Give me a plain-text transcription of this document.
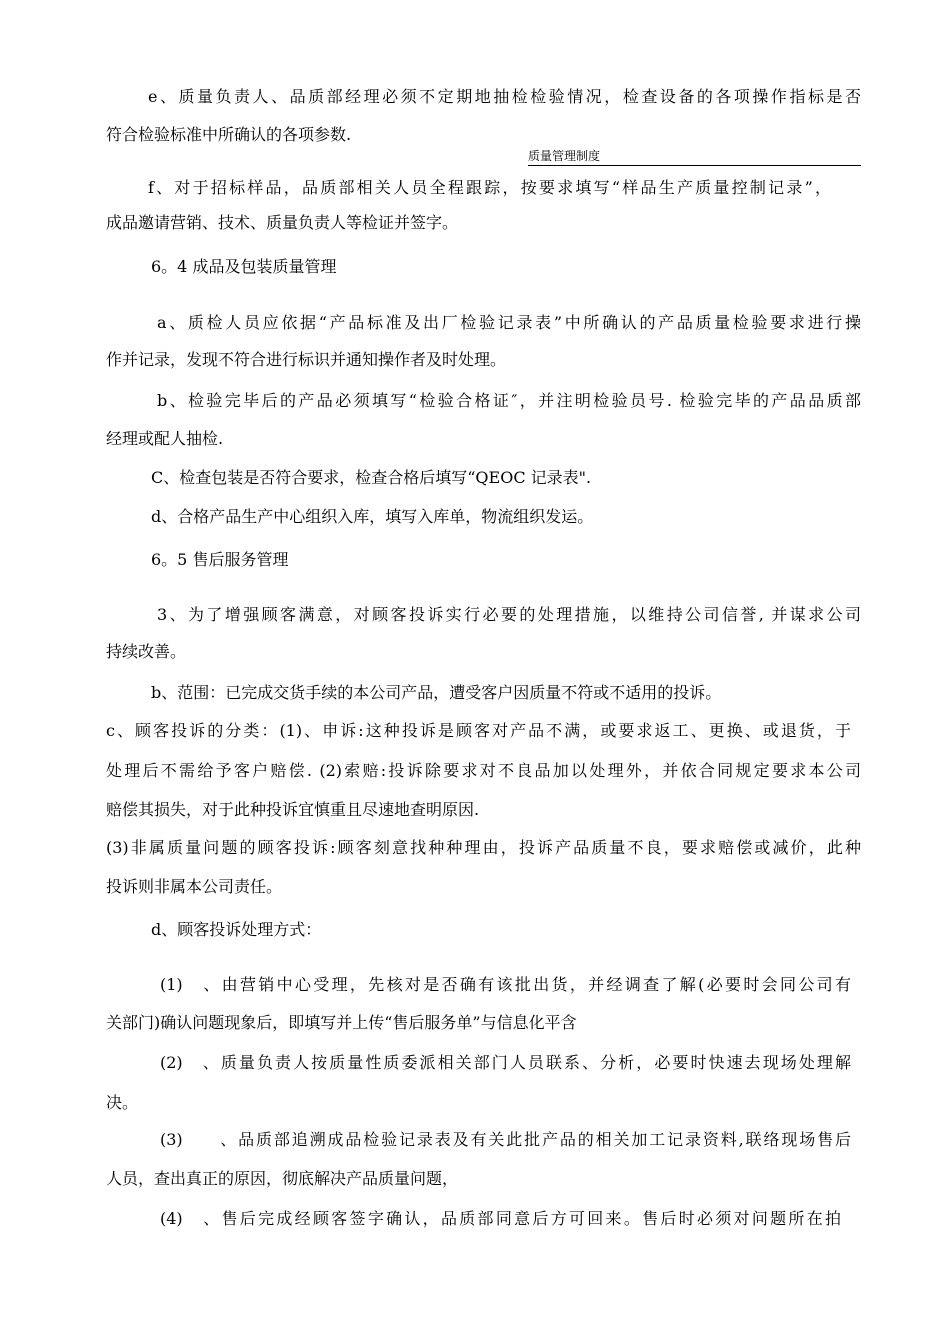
质量管理制度
e、质量负责人、品质部经理必须不定期地抽检检验情况，检查设备的各项操作指标是否
符合检验标准中所确认的各项参数.
f、对于招标样品，品质部相关人员全程跟踪，按要求填写“样品生产质量控制记录”，
成品邀请营销、技术、质量负责人等检证并签字。
6。4 成品及包装质量管理
a、质检人员应依据“产品标准及出厂检验记录表”中所确认的产品质量检验要求进行操
作并记录，发现不符合进行标识并通知操作者及时处理。
b、检验完毕后的产品必须填写“检验合格证″，并注明检验员号. 检验完毕的产品品质部
经理或配人抽检.
C、检查包装是否符合要求，检查合格后填写“QEOC 记录表".
d、合格产品生产中心组织入库，填写入库单，物流组织发运。
6。5 售后服务管理
3、为了增强顾客满意，对顾客投诉实行必要的处理措施，以维持公司信誉, 并谋求公司
持续改善。
b、范围：已完成交货手续的本公司产品，遭受客户因质量不符或不适用的投诉。
c、顾客投诉的分类：(1)、申诉:这种投诉是顾客对产品不满，或要求返工、更换、或退货，于
处理后不需给予客户赔偿. (2)索赔:投诉除要求对不良品加以处理外，并依合同规定要求本公司
赔偿其损失，对于此种投诉宜慎重且尽速地查明原因.
(3)非属质量问题的顾客投诉:顾客刻意找种种理由，投诉产品质量不良，要求赔偿或减价，此种
投诉则非属本公司责任。
d、顾客投诉处理方式：
(1)　、由营销中心受理，先核对是否确有该批出货，并经调查了解(必要时会同公司有
关部门)确认问题现象后，即填写并上传“售后服务单”与信息化平含
(2)　、质量负责人按质量性质委派相关部门人员联系、分析，必要时快速去现场处理解
决。
(3)　　、品质部追溯成品检验记录表及有关此批产品的相关加工记录资料,联络现场售后
人员，查出真正的原因，彻底解决产品质量问题，
(4)　、售后完成经顾客签字确认，品质部同意后方可回来。售后时必须对问题所在拍
